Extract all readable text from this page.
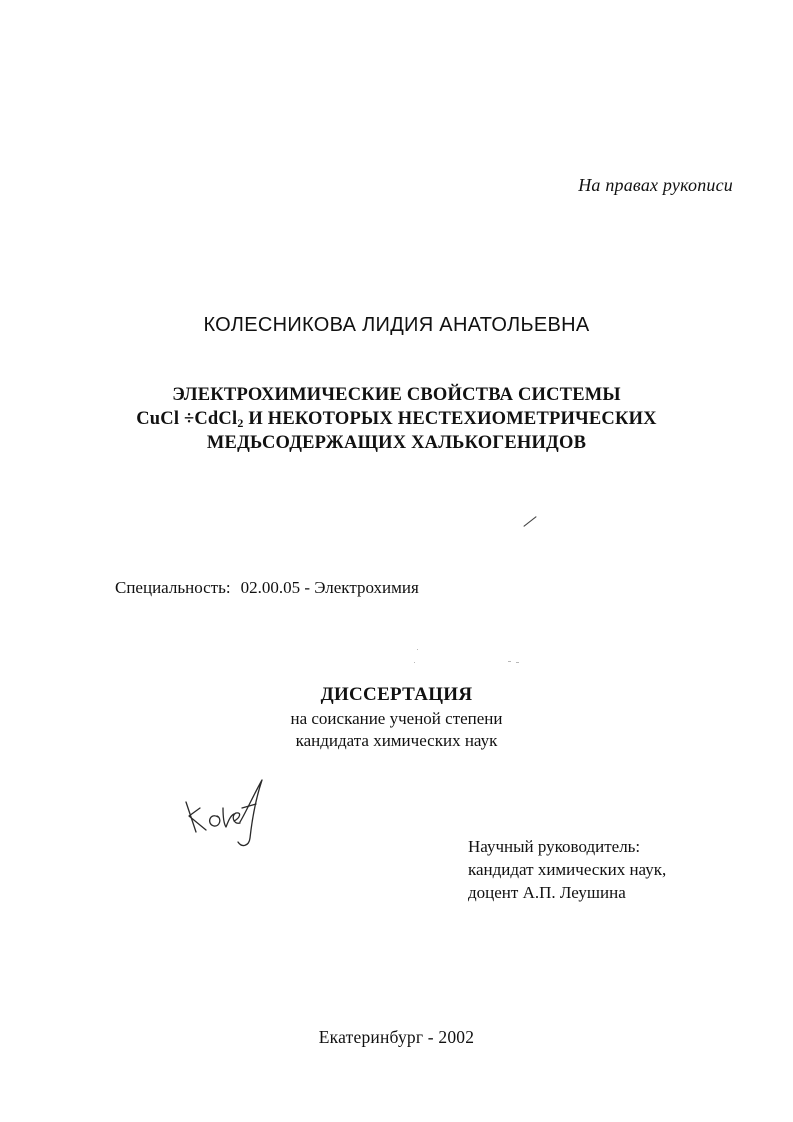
На правах рукописи
КОЛЕСНИКОВА ЛИДИЯ АНАТОЛЬЕВНА
ЭЛЕКТРОХИМИЧЕСКИЕ СВОЙСТВА СИСТЕМЫ
CuCl ÷CdCl$_2$ И НЕКОТОРЫХ НЕСТЕХИОМЕТРИЧЕСКИХ
МЕДЬСОДЕРЖАЩИХ ХАЛЬКОГЕНИДОВ
Специальность: 02.00.05 - Электрохимия
ДИССЕРТАЦИЯ
на соискание ученой степени
кандидата химических наук
Научный руководитель:
кандидат химических наук,
доцент А.П. Леушина
Екатеринбург - 2002
